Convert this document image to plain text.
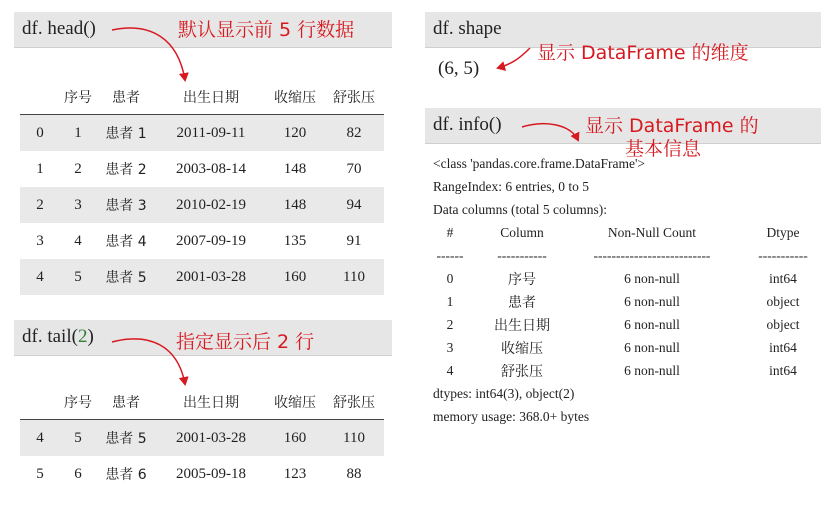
df. head()
df. tail(2)
df. shape
df. info()
默认显示前 5 行数据
指定显示后 2 行
显示 DataFrame 的维度
显示 DataFrame 的
基本信息
	序号	患者	出生日期	收缩压	舒张压
0	1	患者 1	2011-09-11	120	82
1	2	患者 2	2003-08-14	148	70
2	3	患者 3	2010-02-19	148	94
3	4	患者 4	2007-09-19	135	91
4	5	患者 5	2001-03-28	160	110
	序号	患者	出生日期	收缩压	舒张压
4	5	患者 5	2001-03-28	160	110
5	6	患者 6	2005-09-18	123	88
(6, 5)
<class 'pandas.core.frame.DataFrame'>
RangeIndex: 6 entries, 0 to 5
Data columns (total 5 columns):
#	Column	Non-Null Count	Dtype
------	-----------	--------------------------	-----------
0	序号	6 non-null	int64
1	患者	6 non-null	object
2	出生日期	6 non-null	object
3	收缩压	6 non-null	int64
4	舒张压	6 non-null	int64
dtypes: int64(3), object(2)
memory usage: 368.0+ bytes
